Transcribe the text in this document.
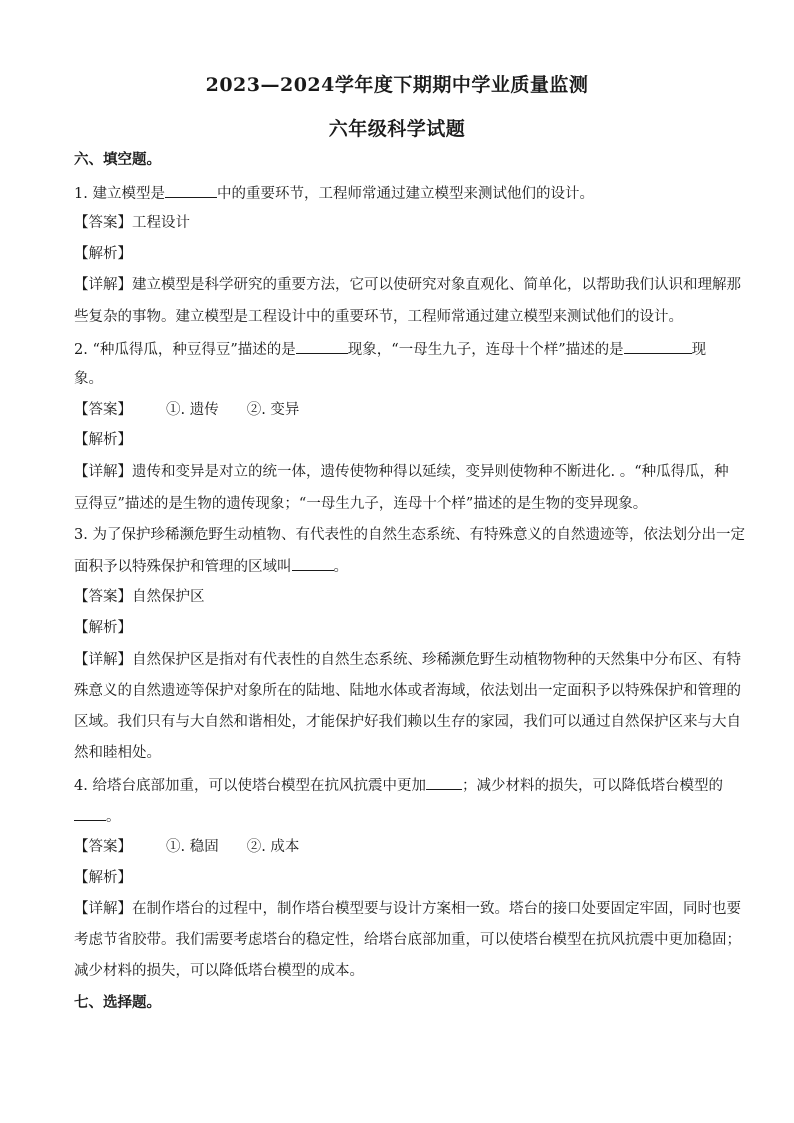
2023—2024学年度下期期中学业质量监测
六年级科学试题
六、填空题。
1. 建立模型是	中的重要环节，工程师常通过建立模型来测试他们的设计。
【答案】工程设计
【解析】
【详解】建立模型是科学研究的重要方法，它可以使研究对象直观化、简单化，以帮助我们认识和理解那
些复杂的事物。建立模型是工程设计中的重要环节，工程师常通过建立模型来测试他们的设计。
2. “种瓜得瓜，种豆得豆”描述的是	现象，“一母生九子，连母十个样”描述的是	现
象。
【答案】 ①. 遗传 ②. 变异
【解析】
【详解】遗传和变异是对立的统一体，遗传使物种得以延续，变异则使物种不断进化. 。“种瓜得瓜，种
豆得豆”描述的是生物的遗传现象；“一母生九子，连母十个样”描述的是生物的变异现象。
3. 为了保护珍稀濒危野生动植物、有代表性的自然生态系统、有特殊意义的自然遗迹等，依法划分出一定
面积予以特殊保护和管理的区域叫	。
【答案】自然保护区
【解析】
【详解】自然保护区是指对有代表性的自然生态系统、珍稀濒危野生动植物物种的天然集中分布区、有特
殊意义的自然遗迹等保护对象所在的陆地、陆地水体或者海域，依法划出一定面积予以特殊保护和管理的
区域。我们只有与大自然和谐相处，才能保护好我们赖以生存的家园，我们可以通过自然保护区来与大自
然和睦相处。
4. 给塔台底部加重，可以使塔台模型在抗风抗震中更加 ；减少材料的损失，可以降低塔台模型的
。
【答案】 ①. 稳固 ②. 成本
【解析】
【详解】在制作塔台的过程中，制作塔台模型要与设计方案相一致。塔台的接口处要固定牢固，同时也要
考虑节省胶带。我们需要考虑塔台的稳定性，给塔台底部加重，可以使塔台模型在抗风抗震中更加稳固；
减少材料的损失，可以降低塔台模型的成本。
七、选择题。
